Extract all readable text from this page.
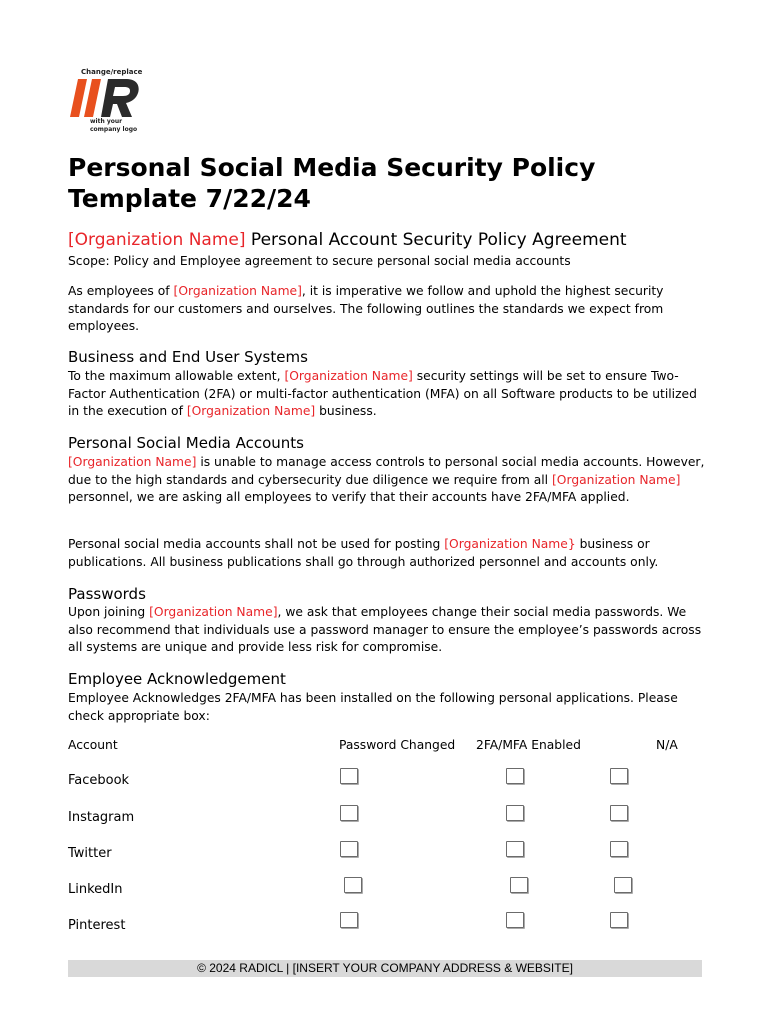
Change/replace
with your
company logo
Personal Social Media Security Policy Template 7/22/24
[Organization Name] Personal Account Security Policy Agreement
Scope: Policy and Employee agreement to secure personal social media accounts
As employees of [Organization Name], it is imperative we follow and uphold the highest security standards for our customers and ourselves. The following outlines the standards we expect from employees.
Business and End User Systems
To the maximum allowable extent, [Organization Name] security settings will be set to ensure Two-Factor Authentication (2FA) or multi-factor authentication (MFA) on all Software products to be utilized in the execution of [Organization Name] business.
Personal Social Media Accounts
[Organization Name] is unable to manage access controls to personal social media accounts. However, due to the high standards and cybersecurity due diligence we require from all [Organization Name] personnel, we are asking all employees to verify that their accounts have 2FA/MFA applied.
Personal social media accounts shall not be used for posting [Organization Name} business or publications. All business publications shall go through authorized personnel and accounts only.
Passwords
Upon joining [Organization Name], we ask that employees change their social media passwords. We also recommend that individuals use a password manager to ensure the employee’s passwords across all systems are unique and provide less risk for compromise.
Employee Acknowledgement
Employee Acknowledges 2FA/MFA has been installed on the following personal applications. Please check appropriate box:
Account	Password Changed 2FA/MFA Enabled	N/A
Facebook
Instagram
Twitter
LinkedIn
Pinterest
© 2024 RADICL | [INSERT YOUR COMPANY ADDRESS & WEBSITE]
